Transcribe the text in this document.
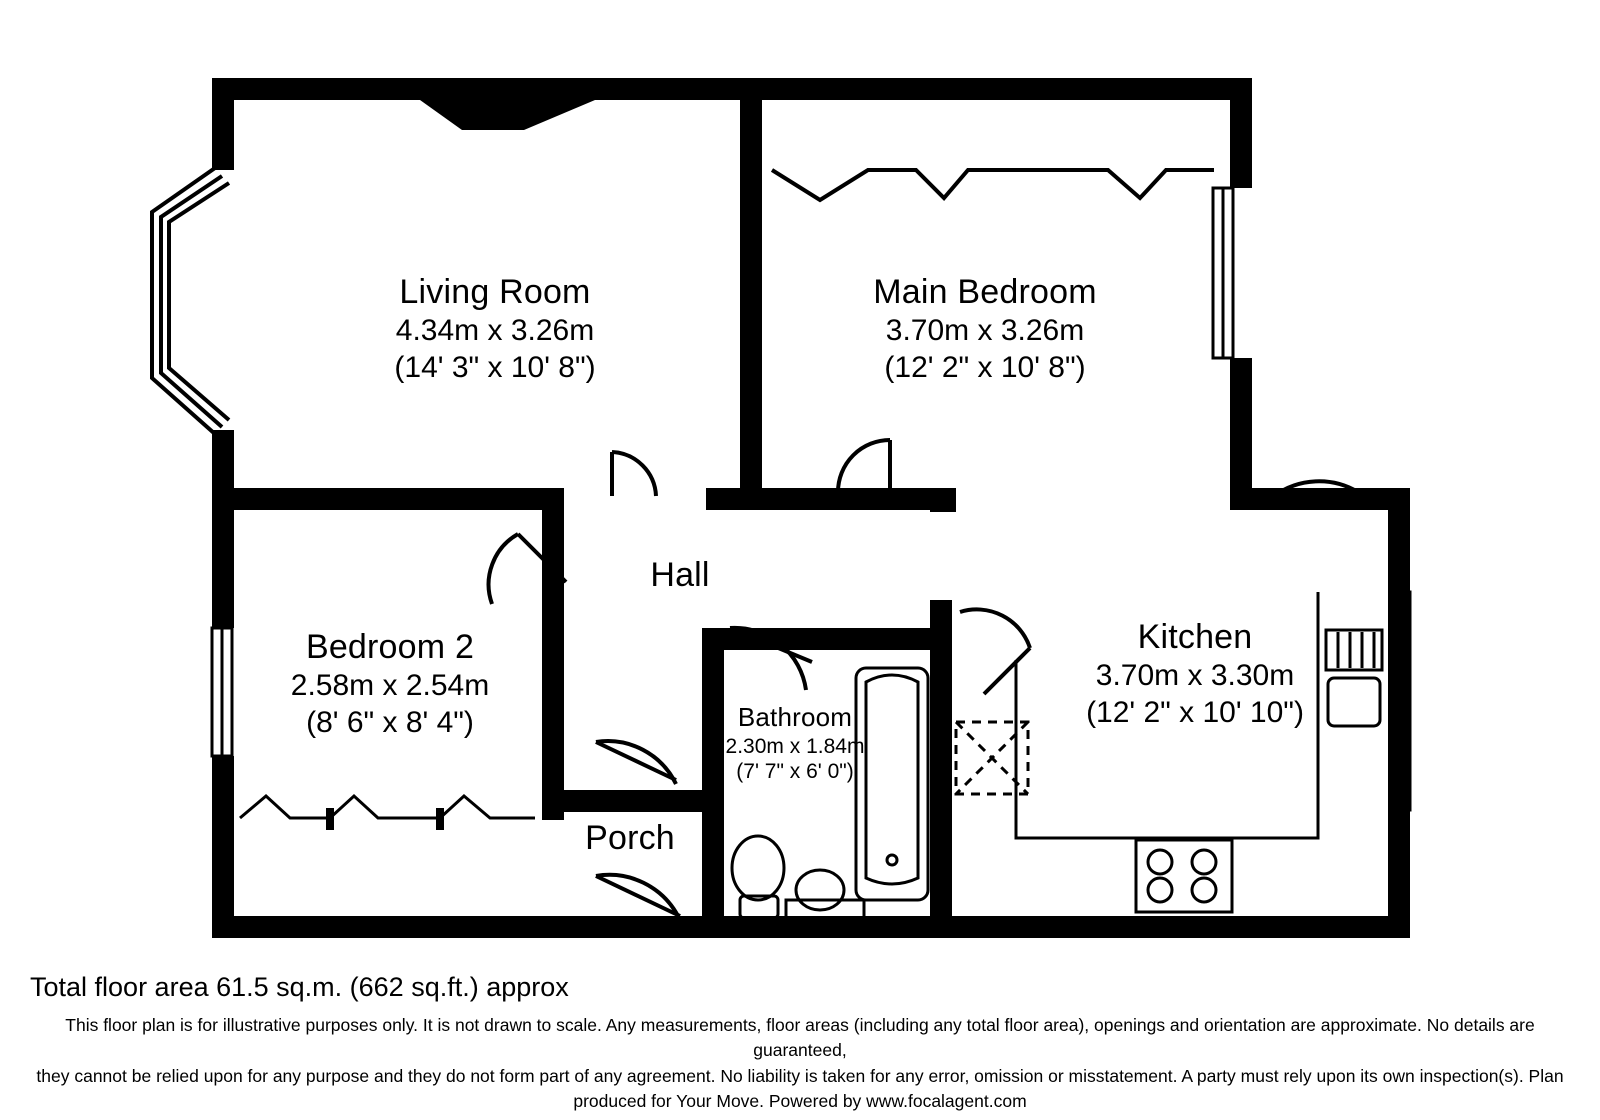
Living Room
4.34m x 3.26m
(14' 3" x 10' 8")
Main Bedroom
3.70m x 3.26m
(12' 2" x 10' 8")
Bedroom 2
2.58m x 2.54m
(8' 6" x 8' 4")
Hall
Bathroom
2.30m x 1.84m
(7' 7" x 6' 0")
Kitchen
3.70m x 3.30m
(12' 2" x 10' 10")
Porch
Total floor area 61.5 sq.m. (662 sq.ft.) approx
This floor plan is for illustrative purposes only. It is not drawn to scale. Any measurements, floor areas (including any total floor area), openings and orientation are approximate. No details are guaranteed,
they cannot be relied upon for any purpose and they do not form part of any agreement. No liability is taken for any error, omission or misstatement. A party must rely upon its own inspection(s). Plan
produced for Your Move. Powered by www.focalagent.com
